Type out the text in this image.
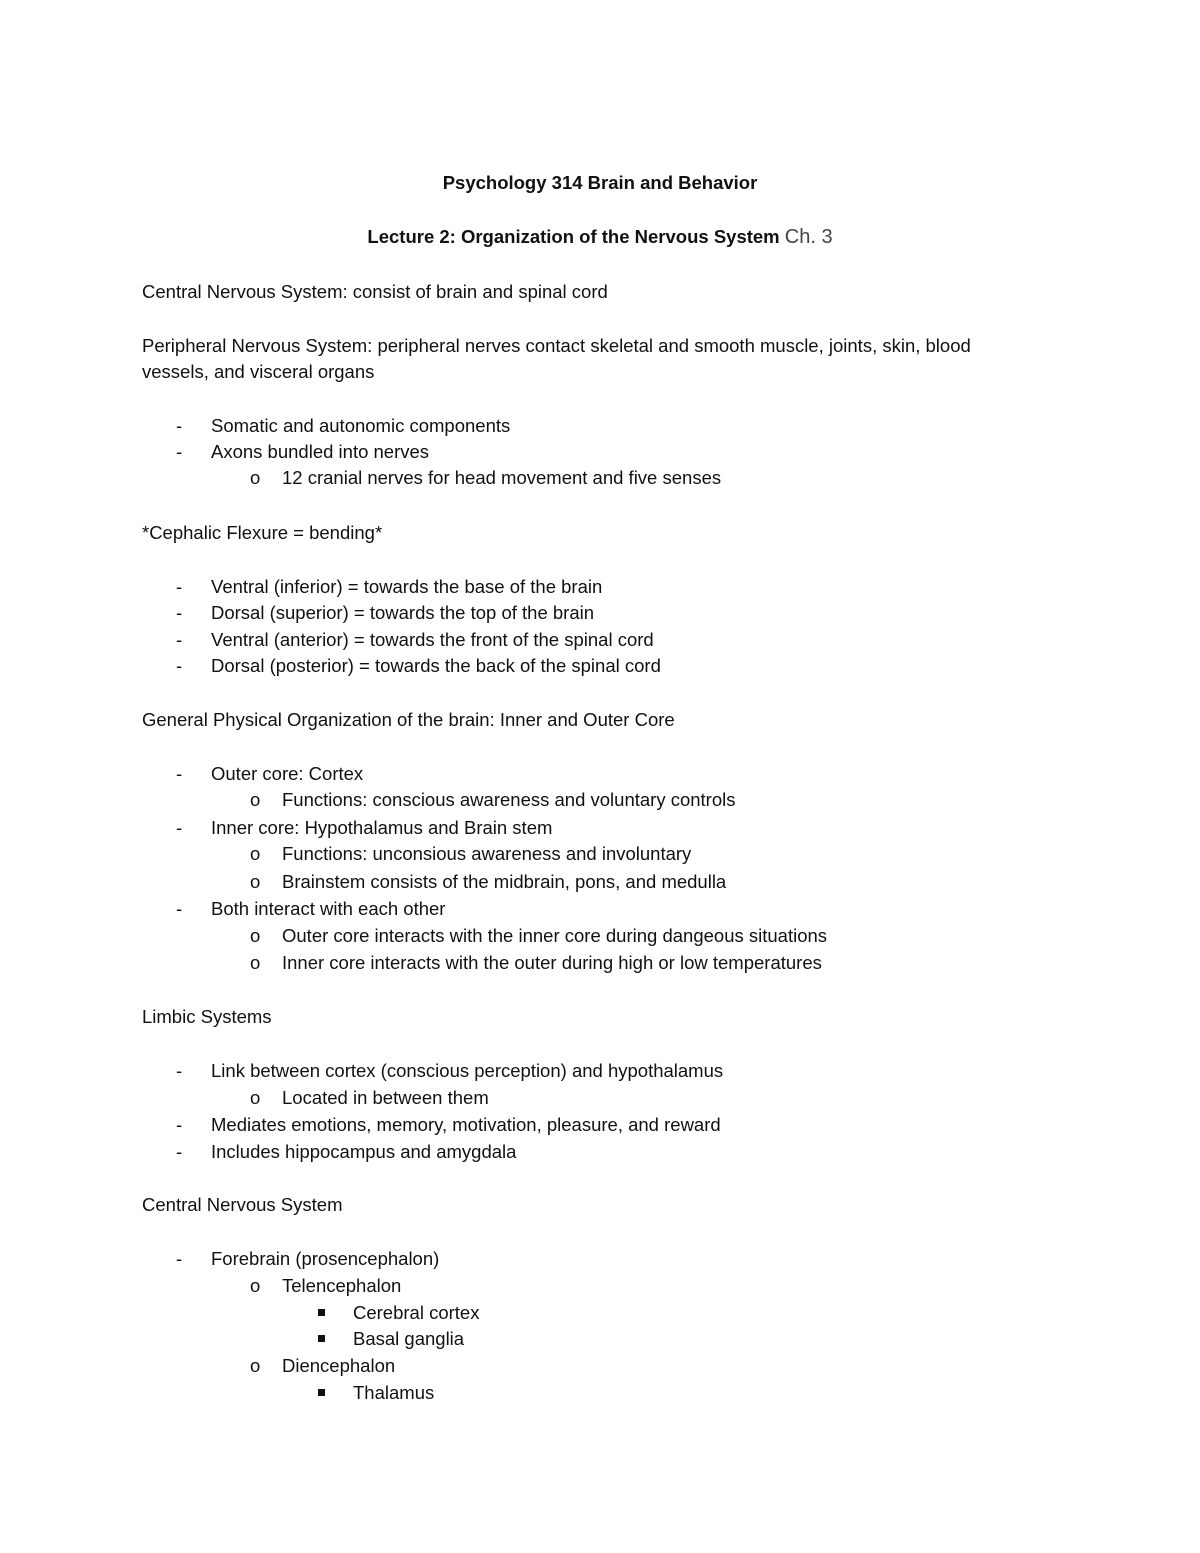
Psychology 314 Brain and Behavior
Lecture 2: Organization of the Nervous System Ch. 3
Central Nervous System: consist of brain and spinal cord
Peripheral Nervous System: peripheral nerves contact skeletal and smooth muscle, joints, skin, blood
vessels, and visceral organs
- Somatic and autonomic components
- Axons bundled into nerves
o 12 cranial nerves for head movement and five senses
*Cephalic Flexure = bending*
- Ventral (inferior) = towards the base of the brain
- Dorsal (superior) = towards the top of the brain
- Ventral (anterior) = towards the front of the spinal cord
- Dorsal (posterior) = towards the back of the spinal cord
General Physical Organization of the brain: Inner and Outer Core
- Outer core: Cortex
o Functions: conscious awareness and voluntary controls
- Inner core: Hypothalamus and Brain stem
o Functions: unconsious awareness and involuntary
o Brainstem consists of the midbrain, pons, and medulla
- Both interact with each other
o Outer core interacts with the inner core during dangeous situations
o Inner core interacts with the outer during high or low temperatures
Limbic Systems
- Link between cortex (conscious perception) and hypothalamus
o Located in between them
- Mediates emotions, memory, motivation, pleasure, and reward
- Includes hippocampus and amygdala
Central Nervous System
- Forebrain (prosencephalon)
o Telencephalon
Cerebral cortex
Basal ganglia
o Diencephalon
Thalamus
